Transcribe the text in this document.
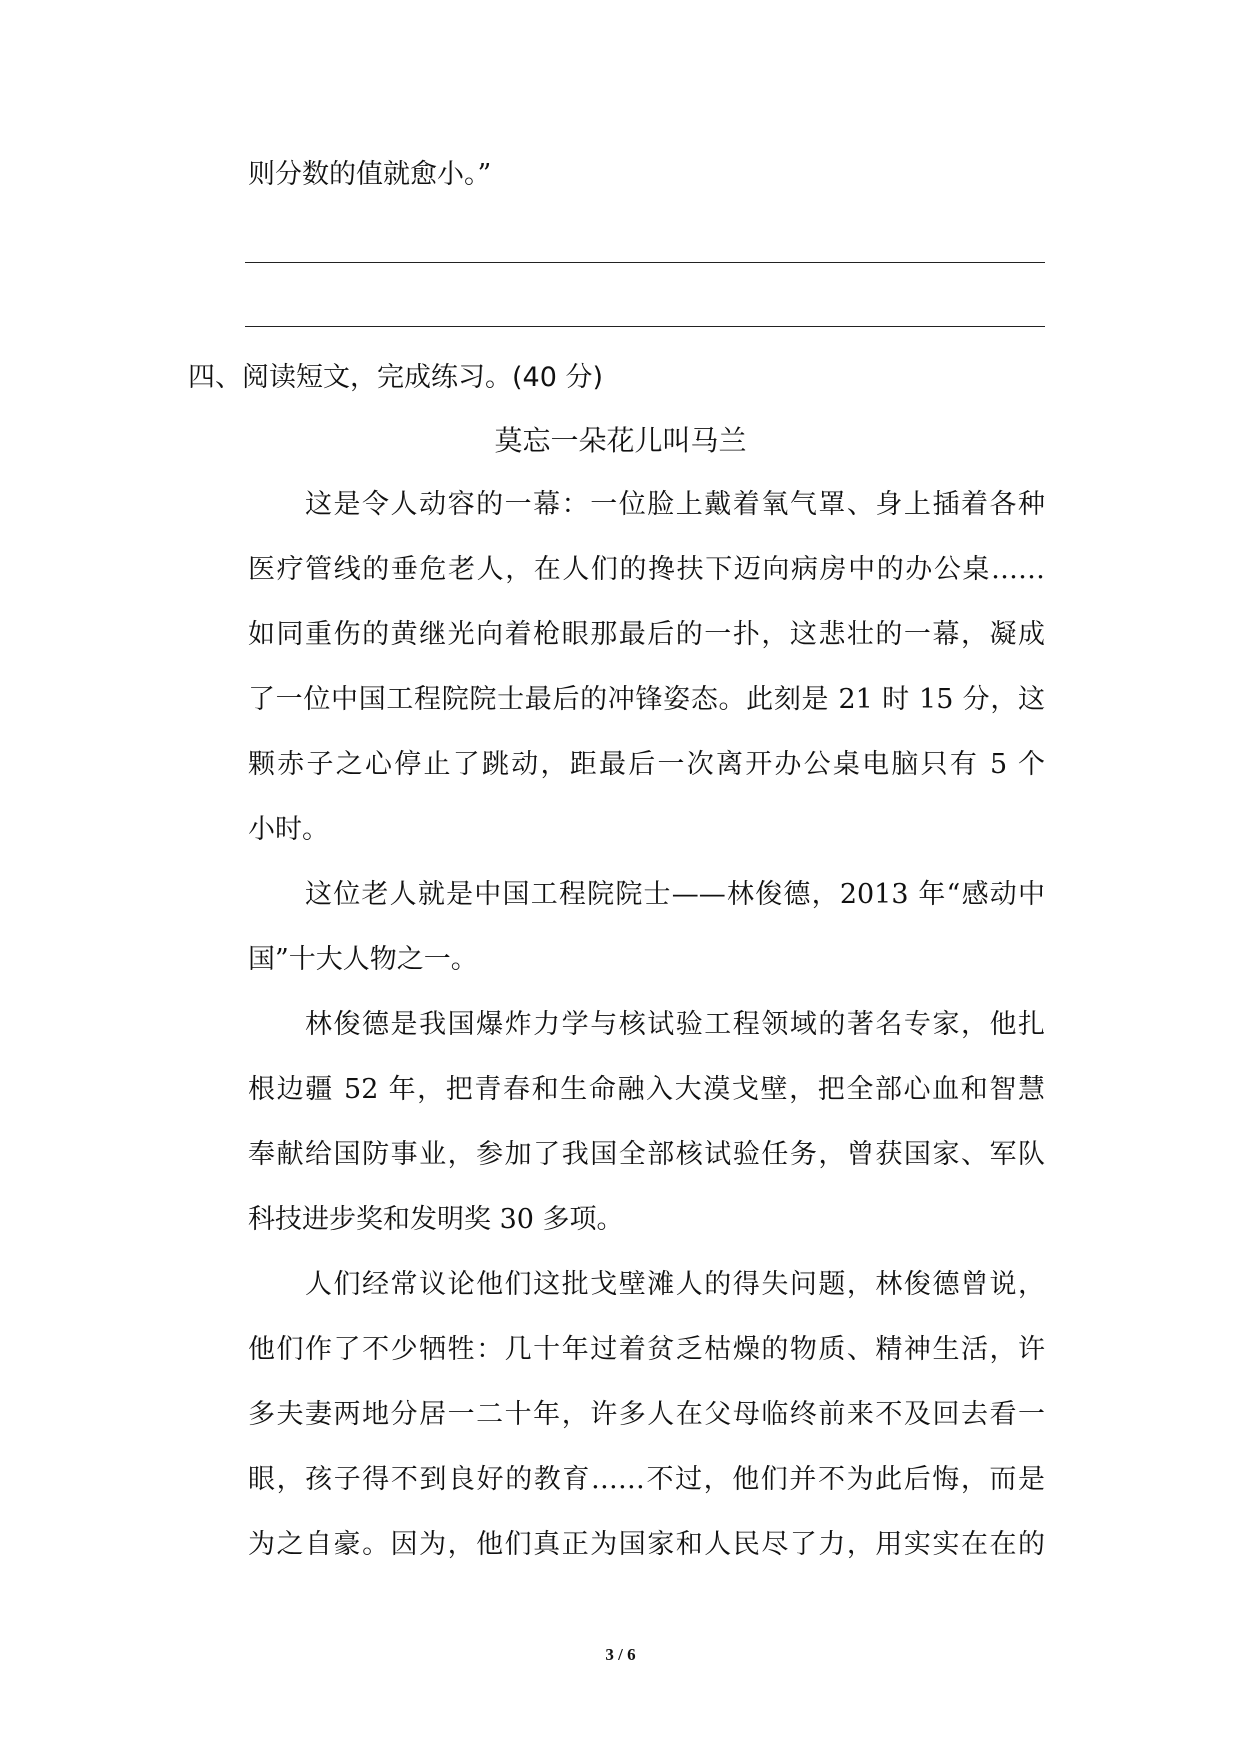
则分数的值就愈小。”
四、阅读短文，完成练习。(40 分)
莫忘一朵花儿叫马兰
这是令人动容的一幕：一位脸上戴着氧气罩、身上插着各种
医疗管线的垂危老人，在人们的搀扶下迈向病房中的办公桌……
如同重伤的黄继光向着枪眼那最后的一扑，这悲壮的一幕，凝成
了一位中国工程院院士最后的冲锋姿态。此刻是 21 时 15 分，这
颗赤子之心停止了跳动，距最后一次离开办公桌电脑只有 5 个
小时。
这位老人就是中国工程院院士——林俊德，2013 年“感动中
国”十大人物之一。
林俊德是我国爆炸力学与核试验工程领域的著名专家，他扎
根边疆 52 年，把青春和生命融入大漠戈壁，把全部心血和智慧
奉献给国防事业，参加了我国全部核试验任务，曾获国家、军队
科技进步奖和发明奖 30 多项。
人们经常议论他们这批戈壁滩人的得失问题，林俊德曾说，
他们作了不少牺牲：几十年过着贫乏枯燥的物质、精神生活，许
多夫妻两地分居一二十年，许多人在父母临终前来不及回去看一
眼，孩子得不到良好的教育……不过，他们并不为此后悔，而是
为之自豪。因为，他们真正为国家和人民尽了力，用实实在在的
3 / 6
